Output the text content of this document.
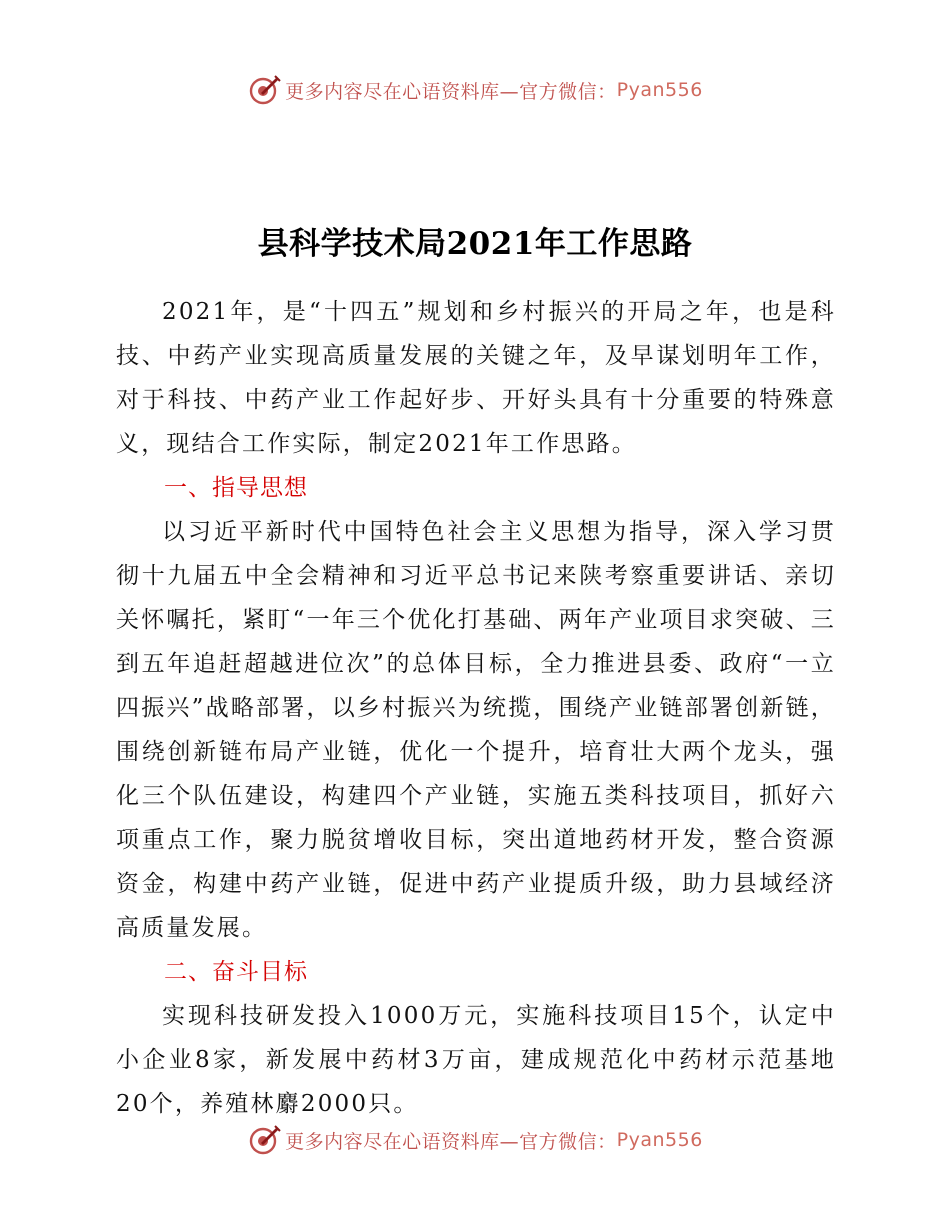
更多内容尽在心语资料库—官方微信： Pyan556
县科学技术局2021年工作思路

2021年，是“十四五”规划和乡村振兴的开局之年，也是科技、中药产业实现高质量发展的关键之年，及早谋划明年工作，对于科技、中药产业工作起好步、开好头具有十分重要的特殊意义，现结合工作实际，制定2021年工作思路。

一、指导思想

以习近平新时代中国特色社会主义思想为指导，深入学习贯彻十九届五中全会精神和习近平总书记来陕考察重要讲话、亲切关怀嘱托，紧盯“一年三个优化打基础、两年产业项目求突破、三到五年追赶超越进位次”的总体目标，全力推进县委、政府“一立四振兴”战略部署，以乡村振兴为统揽，围绕产业链部署创新链，围绕创新链布局产业链，优化一个提升，培育壮大两个龙头，强化三个队伍建设，构建四个产业链，实施五类科技项目，抓好六项重点工作，聚力脱贫增收目标，突出道地药材开发，整合资源资金，构建中药产业链，促进中药产业提质升级，助力县域经济高质量发展。

二、奋斗目标

实现科技研发投入1000万元，实施科技项目15个，认定中小企业8家，新发展中药材3万亩，建成规范化中药材示范基地20个，养殖林麝2000只。

更多内容尽在心语资料库—官方微信： Pyan556
